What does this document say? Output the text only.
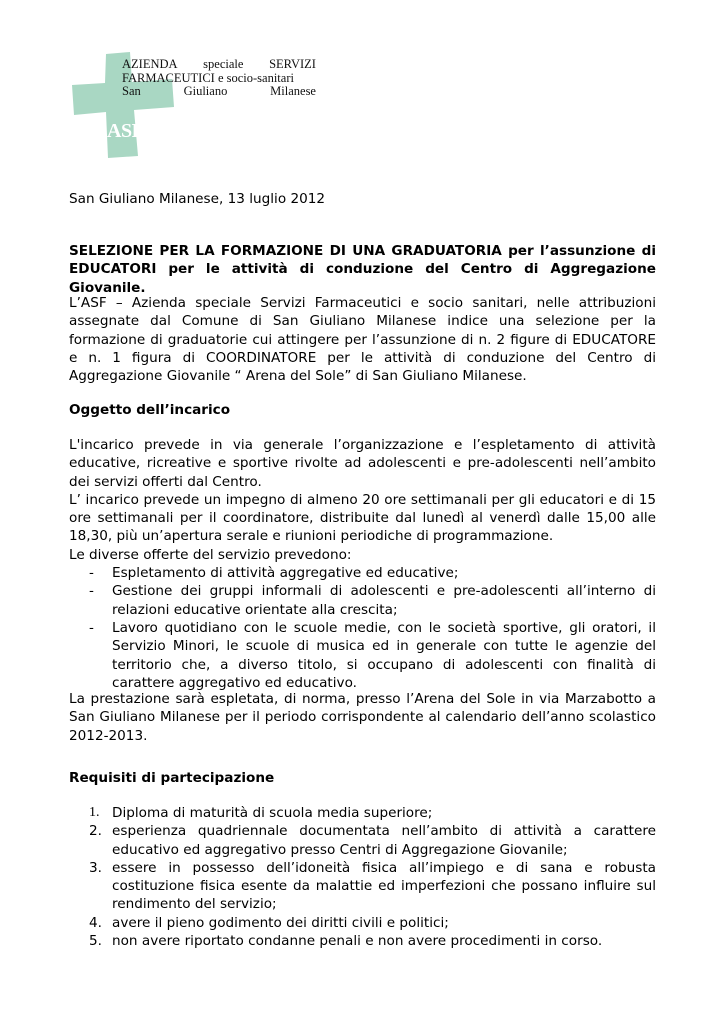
AZIENDA speciale SERVIZI
FARMACEUTICI e socio-sanitari
San	Giuliano	Milanese
ASF
San Giuliano Milanese, 13 luglio 2012
SELEZIONE PER LA FORMAZIONE DI UNA GRADUATORIA per l’assunzione di EDUCATORI per le attività di conduzione del Centro di Aggregazione Giovanile.
L’ASF – Azienda speciale Servizi Farmaceutici e socio sanitari, nelle attribuzioni assegnate dal Comune di San Giuliano Milanese indice una selezione per la formazione di graduatorie cui attingere per l’assunzione di n. 2 figure di EDUCATORE e n. 1 figura di COORDINATORE per le attività di conduzione del Centro di Aggregazione Giovanile “ Arena del Sole” di San Giuliano Milanese.
Oggetto dell’incarico

L'incarico prevede in via generale l’organizzazione e l’espletamento di attività educative, ricreative e sportive rivolte ad adolescenti e pre-adolescenti nell’ambito dei servizi offerti dal Centro.

L’ incarico prevede un impegno di almeno 20 ore settimanali per gli educatori e di 15 ore settimanali per il coordinatore, distribuite dal lunedì al venerdì dalle 15,00 alle 18,30, più un’apertura serale e riunioni periodiche di programmazione.

Le diverse offerte del servizio prevedono:

- Espletamento di attività aggregative ed educative;
- Gestione dei gruppi informali di adolescenti e pre-adolescenti all’interno di relazioni educative orientate alla crescita;
- Lavoro quotidiano con le scuole medie, con le società sportive, gli oratori, il Servizio Minori, le scuole di musica ed in generale con tutte le agenzie del territorio che, a diverso titolo, si occupano di adolescenti con finalità di carattere aggregativo ed educativo.
La prestazione sarà espletata, di norma, presso l’Arena del Sole in via Marzabotto a San Giuliano Milanese per il periodo corrispondente al calendario dell’anno scolastico 2012-2013.
Requisiti di partecipazione
1. Diploma di maturità di scuola media superiore;
2. esperienza quadriennale documentata nell’ambito di attività a carattere educativo ed aggregativo presso Centri di Aggregazione Giovanile;
3. essere in possesso dell’idoneità fisica all’impiego e di sana e robusta costituzione fisica esente da malattie ed imperfezioni che possano influire sul rendimento del servizio;
4. avere il pieno godimento dei diritti civili e politici;
5. non avere riportato condanne penali e non avere procedimenti in corso.
